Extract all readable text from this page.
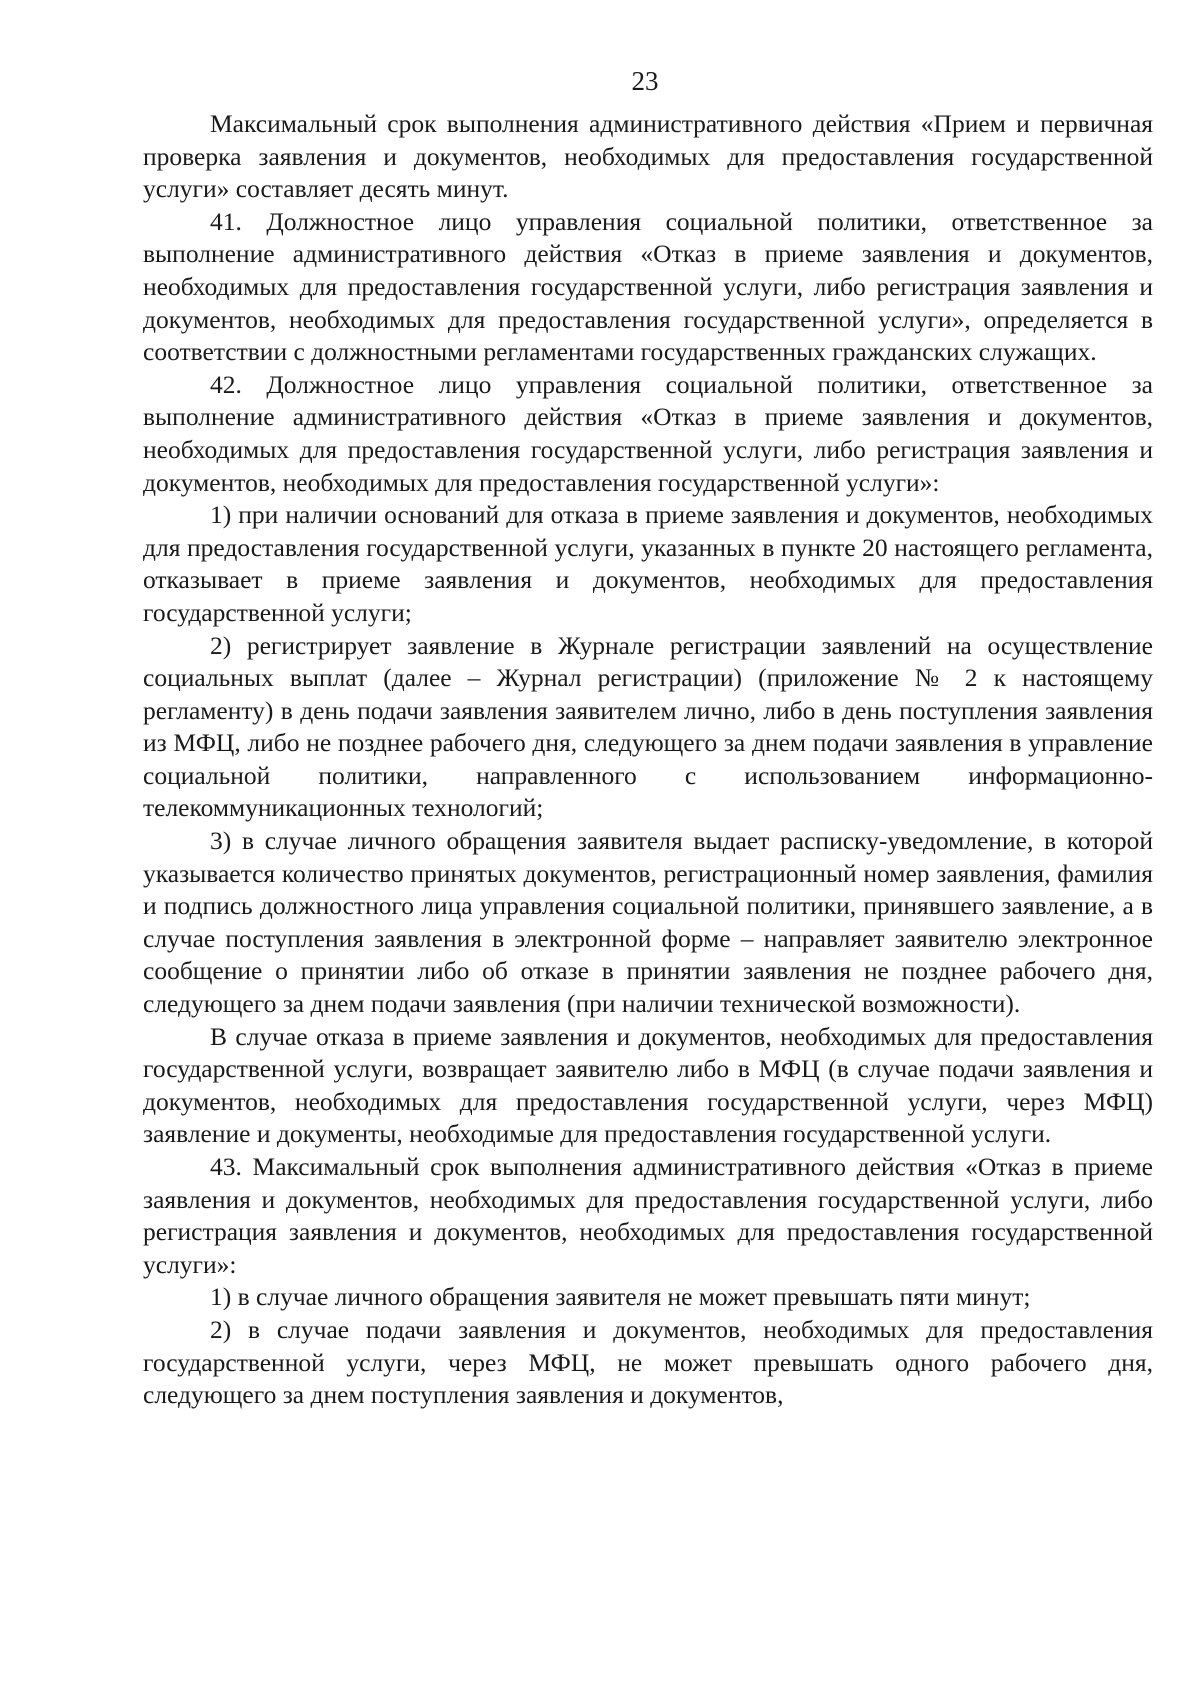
23

Максимальный срок выполнения административного действия «Прием и первичная проверка заявления и документов, необходимых для предоставления государственной услуги» составляет десять минут.

41. Должностное лицо управления социальной политики, ответственное за выполнение административного действия «Отказ в приеме заявления и документов, необходимых для предоставления государственной услуги, либо регистрация заявления и документов, необходимых для предоставления государственной услуги», определяется в соответствии с должностными регламентами государственных гражданских служащих.

42. Должностное лицо управления социальной политики, ответственное за выполнение административного действия «Отказ в приеме заявления и документов, необходимых для предоставления государственной услуги, либо регистрация заявления и документов, необходимых для предоставления государственной услуги»:

1) при наличии оснований для отказа в приеме заявления и документов, необходимых для предоставления государственной услуги, указанных в пункте 20 настоящего регламента, отказывает в приеме заявления и документов, необходимых для предоставления государственной услуги;

2) регистрирует заявление в Журнале регистрации заявлений на осуществление социальных выплат (далее – Журнал регистрации) (приложение № 2 к настоящему регламенту) в день подачи заявления заявителем лично, либо в день поступления заявления из МФЦ, либо не позднее рабочего дня, следующего за днем подачи заявления в управление социальной политики, направленного с использованием информационно-телекоммуникационных технологий;

3) в случае личного обращения заявителя выдает расписку-уведомление, в которой указывается количество принятых документов, регистрационный номер заявления, фамилия и подпись должностного лица управления социальной политики, принявшего заявление, а в случае поступления заявления в электронной форме – направляет заявителю электронное сообщение о принятии либо об отказе в принятии заявления не позднее рабочего дня, следующего за днем подачи заявления (при наличии технической возможности).

В случае отказа в приеме заявления и документов, необходимых для предоставления государственной услуги, возвращает заявителю либо в МФЦ (в случае подачи заявления и документов, необходимых для предоставления государственной услуги, через МФЦ) заявление и документы, необходимые для предоставления государственной услуги.

43. Максимальный срок выполнения административного действия «Отказ в приеме заявления и документов, необходимых для предоставления государственной услуги, либо регистрация заявления и документов, необходимых для предоставления государственной услуги»:

1) в случае личного обращения заявителя не может превышать пяти минут;

2) в случае подачи заявления и документов, необходимых для предоставления государственной услуги, через МФЦ, не может превышать одного рабочего дня, следующего за днем поступления заявления и документов,
